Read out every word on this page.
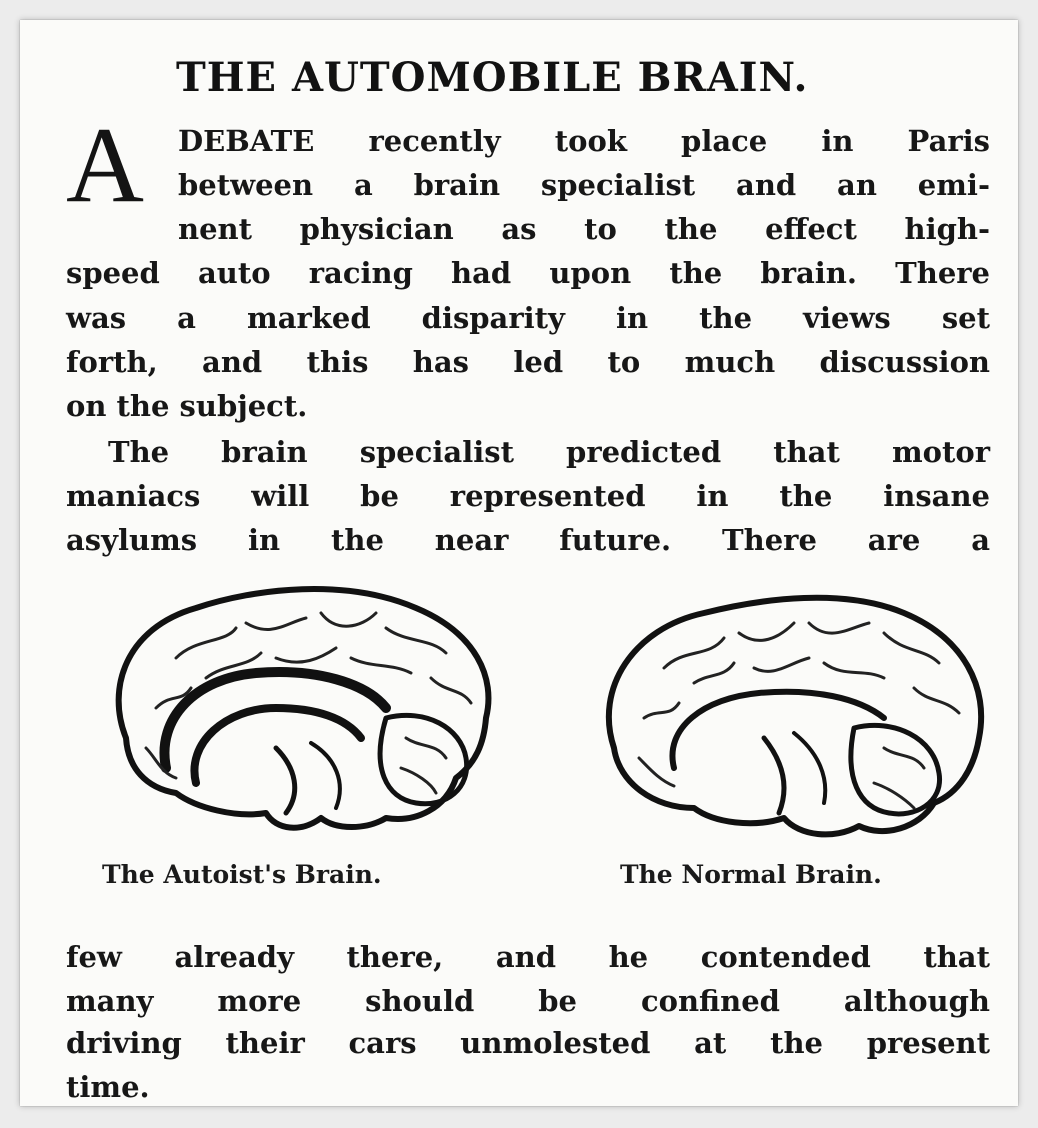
THE AUTOMOBILE BRAIN.
A DEBATE recently took place in Paris
between a brain specialist and an emi-
nent physician as to the effect high-
speed auto racing had upon the brain. There
was a marked disparity in the views set
forth, and this has led to much discussion
on the subject.
The brain specialist predicted that motor
maniacs will be represented in the insane
asylums in the near future. There are a
The Autoist's Brain.	The Normal Brain.
few already there, and he contended that
many more should be confined although
driving their cars unmolested at the present
time.
